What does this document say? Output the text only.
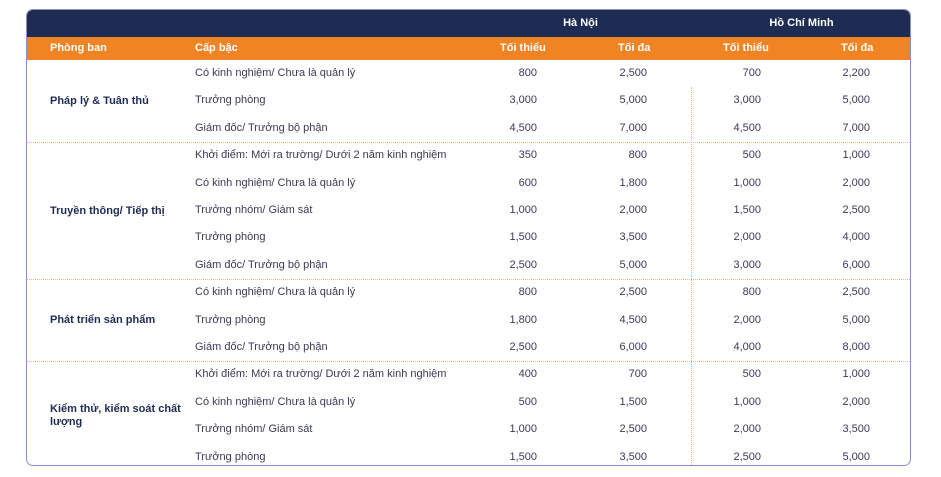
Hà Nội	Hồ Chí Minh
Phòng ban	Cấp bậc	Tối thiểu	Tối đa	Tối thiểu	Tối đa
Pháp lý & Tuân thủ
Có kinh nghiệm/ Chưa là quản lý	800	2,500	700	2,200
Trưởng phòng	3,000	5,000	3,000	5,000
Giám đốc/ Trưởng bộ phận	4,500	7,000	4,500	7,000
Truyền thông/ Tiếp thị
Khởi điểm: Mới ra trường/ Dưới 2 năm kinh nghiệm	350	800	500	1,000
Có kinh nghiệm/ Chưa là quản lý	600	1,800	1,000	2,000
Trưởng nhóm/ Giám sát	1,000	2,000	1,500	2,500
Trưởng phòng	1,500	3,500	2,000	4,000
Giám đốc/ Trưởng bộ phận	2,500	5,000	3,000	6,000
Phát triển sản phẩm
Có kinh nghiệm/ Chưa là quản lý	800	2,500	800	2,500
Trưởng phòng	1,800	4,500	2,000	5,000
Giám đốc/ Trưởng bộ phận	2,500	6,000	4,000	8,000
Kiểm thử, kiểm soát chất lượng
Khởi điểm: Mới ra trường/ Dưới 2 năm kinh nghiệm	400	700	500	1,000
Có kinh nghiệm/ Chưa là quản lý	500	1,500	1,000	2,000
Trưởng nhóm/ Giám sát	1,000	2,500	2,000	3,500
Trưởng phòng	1,500	3,500	2,500	5,000
